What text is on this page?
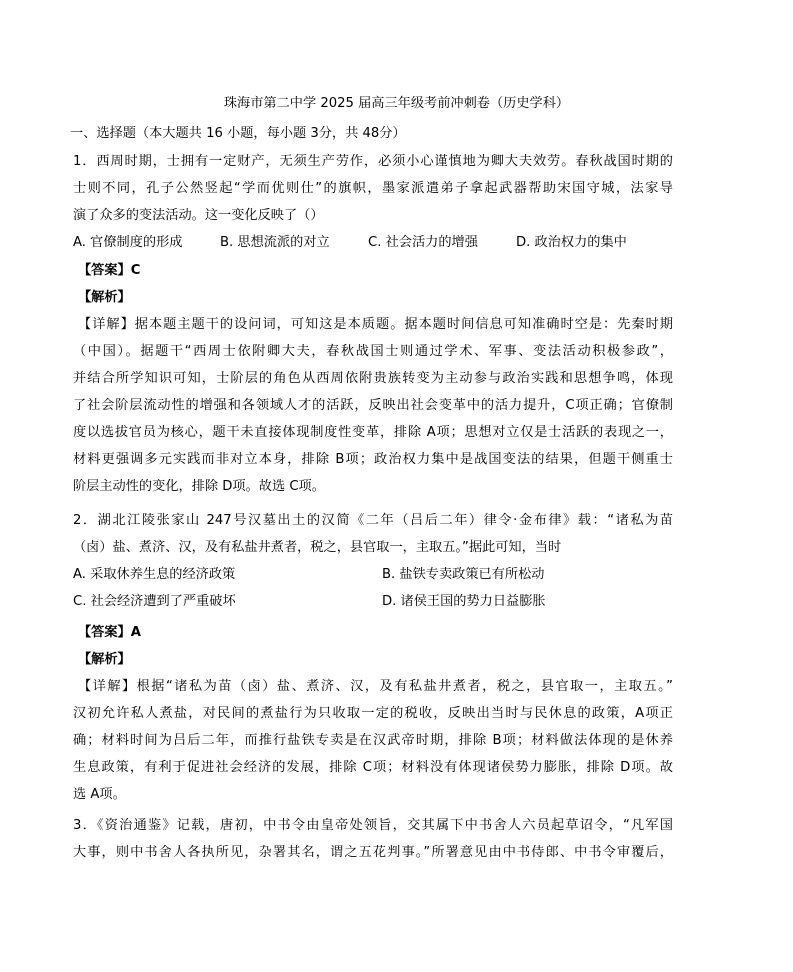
珠海市第二中学 2025 届高三年级考前冲刺卷（历史学科）
一、选择题（本大题共 16 小题，每小题 3分，共 48分）
1．西周时期，士拥有一定财产，无须生产劳作，必须小心谨慎地为卿大夫效劳。春秋战国时期的
士则不同，孔子公然竖起“学而优则仕”的旗帜，墨家派遣弟子拿起武器帮助宋国守城，法家导
演了众多的变法活动。这一变化反映了（）
A. 官僚制度的形成	B. 思想流派的对立	C. 社会活力的增强	D. 政治权力的集中
【答案】C
【解析】
【详解】据本题主题干的设问词，可知这是本质题。据本题时间信息可知准确时空是：先秦时期
（中国）。据题干“西周士依附卿大夫，春秋战国士则通过学术、军事、变法活动积极参政”，
并结合所学知识可知，士阶层的角色从西周依附贵族转变为主动参与政治实践和思想争鸣，体现
了社会阶层流动性的增强和各领域人才的活跃，反映出社会变革中的活力提升，C项正确；官僚制
度以选拔官员为核心，题干未直接体现制度性变革，排除 A项；思想对立仅是士活跃的表现之一，
材料更强调多元实践而非对立本身，排除 B项；政治权力集中是战国变法的结果，但题干侧重士
阶层主动性的变化，排除 D项。故选 C项。
2．湖北江陵张家山 247号汉墓出土的汉简《二年（吕后二年）律令·金布律》载：“诸私为苗
（卤）盐、煮济、汉，及有私盐井煮者，税之，县官取一，主取五。”据此可知，当时
A. 采取休养生息的经济政策	B. 盐铁专卖政策已有所松动
C. 社会经济遭到了严重破坏	D. 诸侯王国的势力日益膨胀
【答案】A
【解析】
【详解】根据“诸私为苗（卤）盐、煮济、汉，及有私盐井煮者，税之，县官取一，主取五。”
汉初允许私人煮盐，对民间的煮盐行为只收取一定的税收，反映出当时与民休息的政策，A项正
确；材料时间为吕后二年，而推行盐铁专卖是在汉武帝时期，排除 B项；材料做法体现的是休养
生息政策，有利于促进社会经济的发展，排除 C项；材料没有体现诸侯势力膨胀，排除 D项。故
选 A项。
3．《资治通鉴》记载，唐初，中书令由皇帝处领旨，交其属下中书舍人六员起草诏令，“凡军国
大事，则中书舍人各执所见，杂署其名，谓之五花判事。”所署意见由中书侍郎、中书令审覆后，
